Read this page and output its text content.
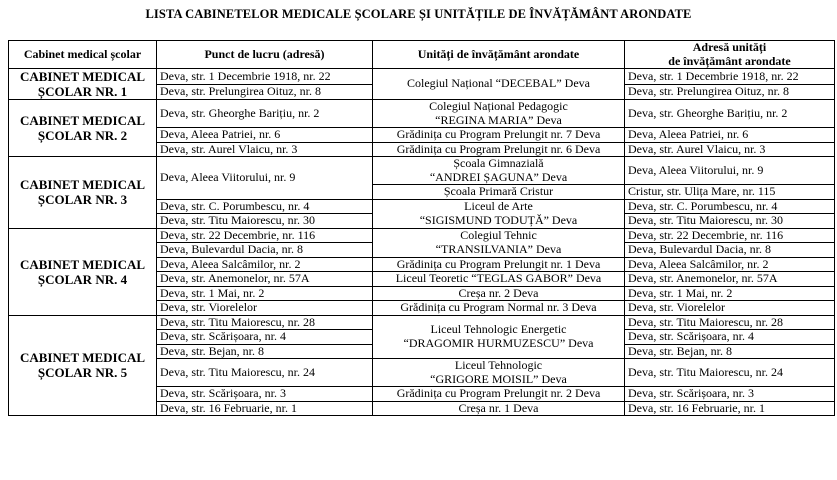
LISTA CABINETELOR MEDICALE ȘCOLARE ȘI UNITĂȚILE DE ÎNVĂȚĂMÂNT ARONDATE
Cabinet medical școlar	Punct de lucru (adresă)	Unități de învățământ arondate	Adresă unități
de învățământ arondate

CABINET MEDICAL
ȘCOLAR NR. 1	Deva, str. 1 Decembrie 1918, nr. 22	Colegiul Național “DECEBAL” Deva	Deva, str. 1 Decembrie 1918, nr. 22
	Deva, str. Prelungirea Oituz, nr. 8		Deva, str. Prelungirea Oituz, nr. 8

CABINET MEDICAL
ȘCOLAR NR. 2	Deva, str. Gheorghe Barițiu, nr. 2	Colegiul Național Pedagogic
“REGINA MARIA” Deva	Deva, str. Gheorghe Barițiu, nr. 2
	Deva, Aleea Patriei, nr. 6	Grădinița cu Program Prelungit nr. 7 Deva	Deva, Aleea Patriei, nr. 6
	Deva, str. Aurel Vlaicu, nr. 3	Grădinița cu Program Prelungit nr. 6 Deva	Deva, str. Aurel Vlaicu, nr. 3

CABINET MEDICAL
ȘCOLAR NR. 3	Deva, Aleea Viitorului, nr. 9	Școala Gimnazială
“ANDREI ȘAGUNA” Deva	Deva, Aleea Viitorului, nr. 9
		Școala Primară Cristur	Cristur, str. Ulița Mare, nr. 115
	Deva, str. C. Porumbescu, nr. 4	Liceul de Arte
“SIGISMUND TODUȚĂ” Deva	Deva, str. C. Porumbescu, nr. 4
	Deva, str. Titu Maiorescu, nr. 30		Deva, str. Titu Maiorescu, nr. 30

CABINET MEDICAL
ȘCOLAR NR. 4	Deva, str. 22 Decembrie, nr. 116	Colegiul Tehnic
“TRANSILVANIA” Deva	Deva, str. 22 Decembrie, nr. 116
	Deva, Bulevardul Dacia, nr. 8		Deva, Bulevardul Dacia, nr. 8
	Deva, Aleea Salcâmilor, nr. 2	Grădinița cu Program Prelungit nr. 1 Deva	Deva, Aleea Salcâmilor, nr. 2
	Deva, str. Anemonelor, nr. 57A	Liceul Teoretic “TEGLAS GABOR” Deva	Deva, str. Anemonelor, nr. 57A
	Deva, str. 1 Mai, nr. 2	Creșa nr. 2 Deva	Deva, str. 1 Mai, nr. 2
	Deva, str. Viorelelor	Grădinița cu Program Normal nr. 3 Deva	Deva, str. Viorelelor

CABINET MEDICAL
ȘCOLAR NR. 5	Deva, str. Titu Maiorescu, nr. 28	Liceul Tehnologic Energetic
“DRAGOMIR HURMUZESCU” Deva	Deva, str. Titu Maiorescu, nr. 28
	Deva, str. Scărișoara, nr. 4		Deva, str. Scărișoara, nr. 4
	Deva, str. Bejan, nr. 8		Deva, str. Bejan, nr. 8
	Deva, str. Titu Maiorescu, nr. 24	Liceul Tehnologic
“GRIGORE MOISIL” Deva	Deva, str. Titu Maiorescu, nr. 24
	Deva, str. Scărișoara, nr. 3	Grădinița cu Program Prelungit nr. 2 Deva	Deva, str. Scărișoara, nr. 3
	Deva, str. 16 Februarie, nr. 1	Creșa nr. 1 Deva	Deva, str. 16 Februarie, nr. 1
